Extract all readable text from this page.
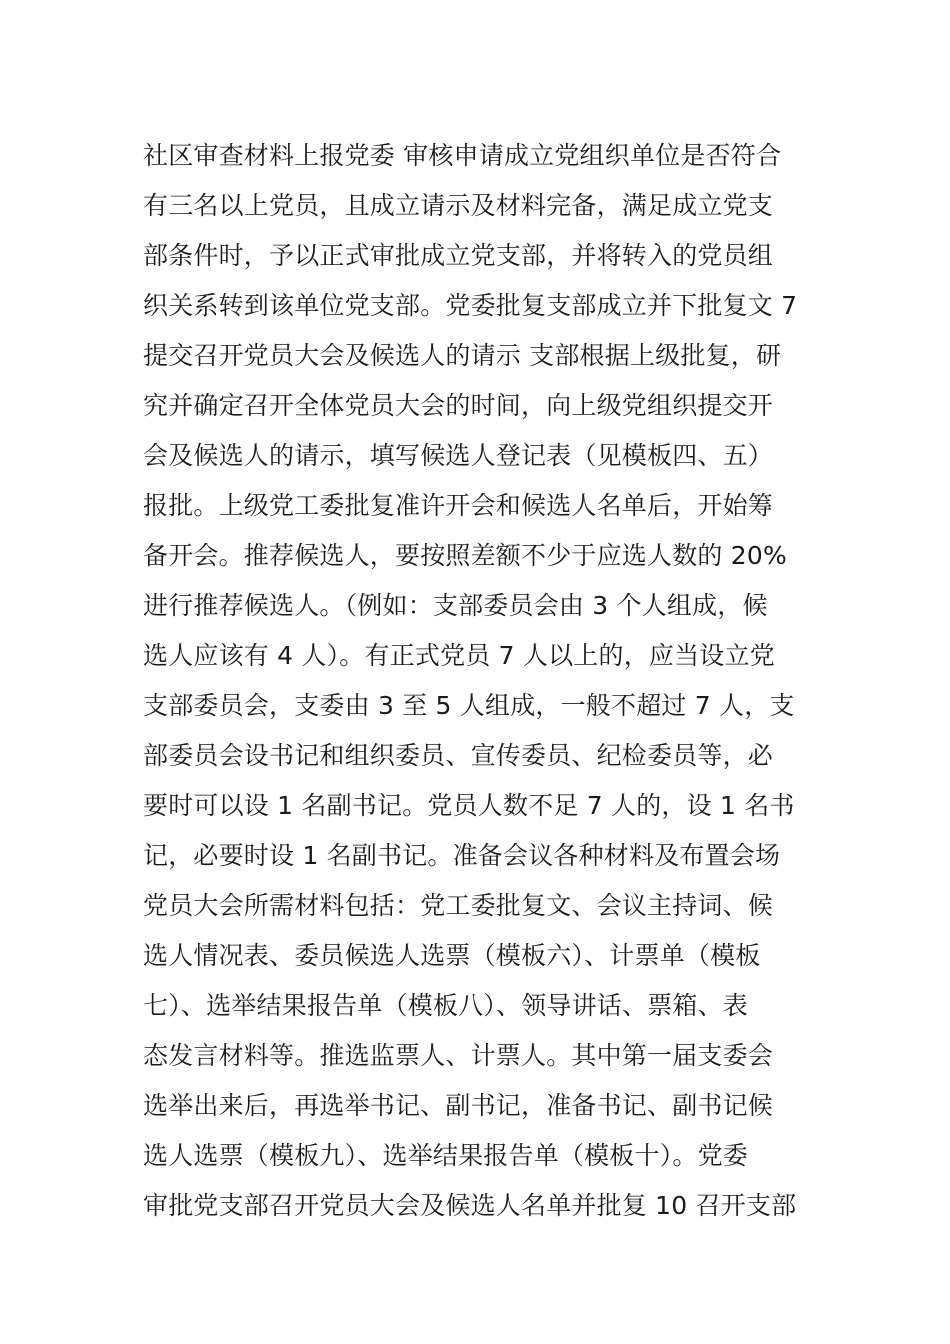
社区审查材料上报党委 审核申请成立党组织单位是否符合
有三名以上党员，且成立请示及材料完备，满足成立党支
部条件时，予以正式审批成立党支部，并将转入的党员组
织关系转到该单位党支部。党委批复支部成立并下批复文 7
提交召开党员大会及候选人的请示 支部根据上级批复，研
究并确定召开全体党员大会的时间，向上级党组织提交开
会及候选人的请示，填写候选人登记表（见模板四、五）
报批。上级党工委批复准许开会和候选人名单后，开始筹
备开会。推荐候选人，要按照差额不少于应选人数的 20%
进行推荐候选人。（例如：支部委员会由 3 个人组成，候
选人应该有 4 人）。有正式党员 7 人以上的，应当设立党
支部委员会，支委由 3 至 5 人组成，一般不超过 7 人，支
部委员会设书记和组织委员、宣传委员、纪检委员等，必
要时可以设 1 名副书记。党员人数不足 7 人的，设 1 名书
记，必要时设 1 名副书记。准备会议各种材料及布置会场
党员大会所需材料包括：党工委批复文、会议主持词、候
选人情况表、委员候选人选票（模板六）、计票单（模板
七）、选举结果报告单（模板八）、领导讲话、票箱、表
态发言材料等。推选监票人、计票人。其中第一届支委会
选举出来后，再选举书记、副书记，准备书记、副书记候
选人选票（模板九）、选举结果报告单（模板十）。党委
审批党支部召开党员大会及候选人名单并批复 10 召开支部
